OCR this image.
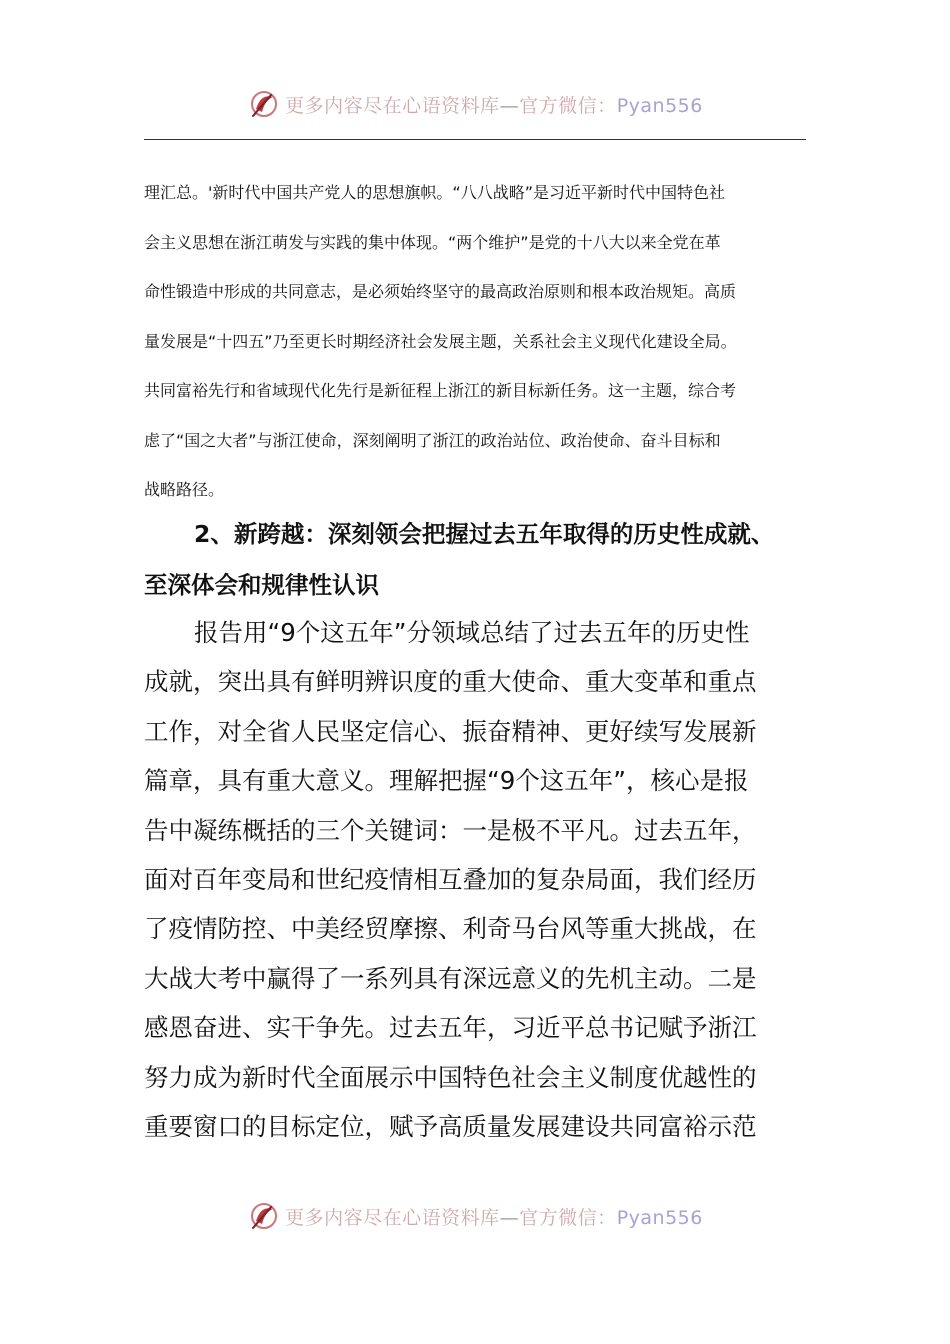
更多内容尽在心语资料库—官方微信：Pyan556
理汇总。'新时代中国共产党人的思想旗帜。“八八战略”是习近平新时代中国特色社
会主义思想在浙江萌发与实践的集中体现。“两个维护”是党的十八大以来全党在革
命性锻造中形成的共同意志，是必须始终坚守的最高政治原则和根本政治规矩。高质
量发展是“十四五”乃至更长时期经济社会发展主题，关系社会主义现代化建设全局。
共同富裕先行和省域现代化先行是新征程上浙江的新目标新任务。这一主题，综合考
虑了“国之大者”与浙江使命，深刻阐明了浙江的政治站位、政治使命、奋斗目标和
战略路径。
2、新跨越：深刻领会把握过去五年取得的历史性成就、
至深体会和规律性认识
报告用“9个这五年”分领域总结了过去五年的历史性
成就，突出具有鲜明辨识度的重大使命、重大变革和重点
工作，对全省人民坚定信心、振奋精神、更好续写发展新
篇章，具有重大意义。理解把握“9个这五年”，核心是报
告中凝练概括的三个关键词：一是极不平凡。过去五年，
面对百年变局和世纪疫情相互叠加的复杂局面，我们经历
了疫情防控、中美经贸摩擦、利奇马台风等重大挑战，在
大战大考中赢得了一系列具有深远意义的先机主动。二是
感恩奋进、实干争先。过去五年，习近平总书记赋予浙江
努力成为新时代全面展示中国特色社会主义制度优越性的
重要窗口的目标定位，赋予高质量发展建设共同富裕示范
更多内容尽在心语资料库—官方微信：Pyan556
